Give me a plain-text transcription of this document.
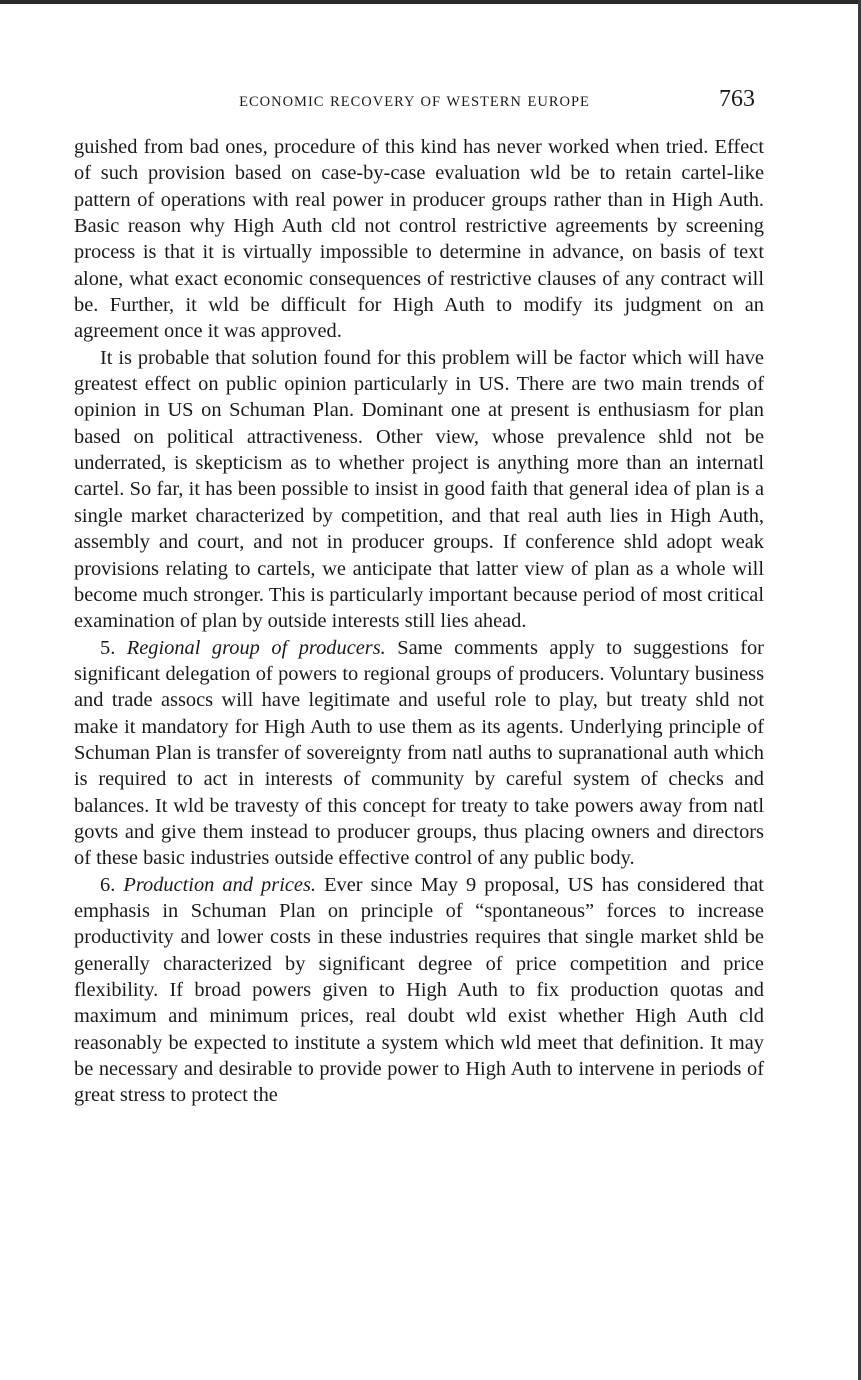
ECONOMIC RECOVERY OF WESTERN EUROPE	763

guished from bad ones, procedure of this kind has never worked when tried. Effect of such provision based on case-by-case evaluation wld be to retain cartel-like pattern of operations with real power in producer groups rather than in High Auth. Basic reason why High Auth cld not control restrictive agreements by screening process is that it is virtually impossible to determine in advance, on basis of text alone, what exact economic consequences of restrictive clauses of any contract will be. Further, it wld be difficult for High Auth to modify its judgment on an agreement once it was approved.

It is probable that solution found for this problem will be factor which will have greatest effect on public opinion particularly in US. There are two main trends of opinion in US on Schuman Plan. Dominant one at present is enthusiasm for plan based on political attractiveness. Other view, whose prevalence shld not be underrated, is skepticism as to whether project is anything more than an internatl cartel. So far, it has been possible to insist in good faith that general idea of plan is a single market characterized by competition, and that real auth lies in High Auth, assembly and court, and not in producer groups. If conference shld adopt weak provisions relating to cartels, we anticipate that latter view of plan as a whole will become much stronger. This is particularly important because period of most critical examination of plan by outside interests still lies ahead.

5. Regional group of producers. Same comments apply to suggestions for significant delegation of powers to regional groups of producers. Voluntary business and trade assocs will have legitimate and useful role to play, but treaty shld not make it mandatory for High Auth to use them as its agents. Underlying principle of Schuman Plan is transfer of sovereignty from natl auths to supranational auth which is required to act in interests of community by careful system of checks and balances. It wld be travesty of this concept for treaty to take powers away from natl govts and give them instead to producer groups, thus placing owners and directors of these basic industries outside effective control of any public body.

6. Production and prices. Ever since May 9 proposal, US has considered that emphasis in Schuman Plan on principle of “spontaneous” forces to increase productivity and lower costs in these industries requires that single market shld be generally characterized by significant degree of price competition and price flexibility. If broad powers given to High Auth to fix production quotas and maximum and minimum prices, real doubt wld exist whether High Auth cld reasonably be expected to institute a system which wld meet that definition. It may be necessary and desirable to provide power to High Auth to intervene in periods of great stress to protect the
